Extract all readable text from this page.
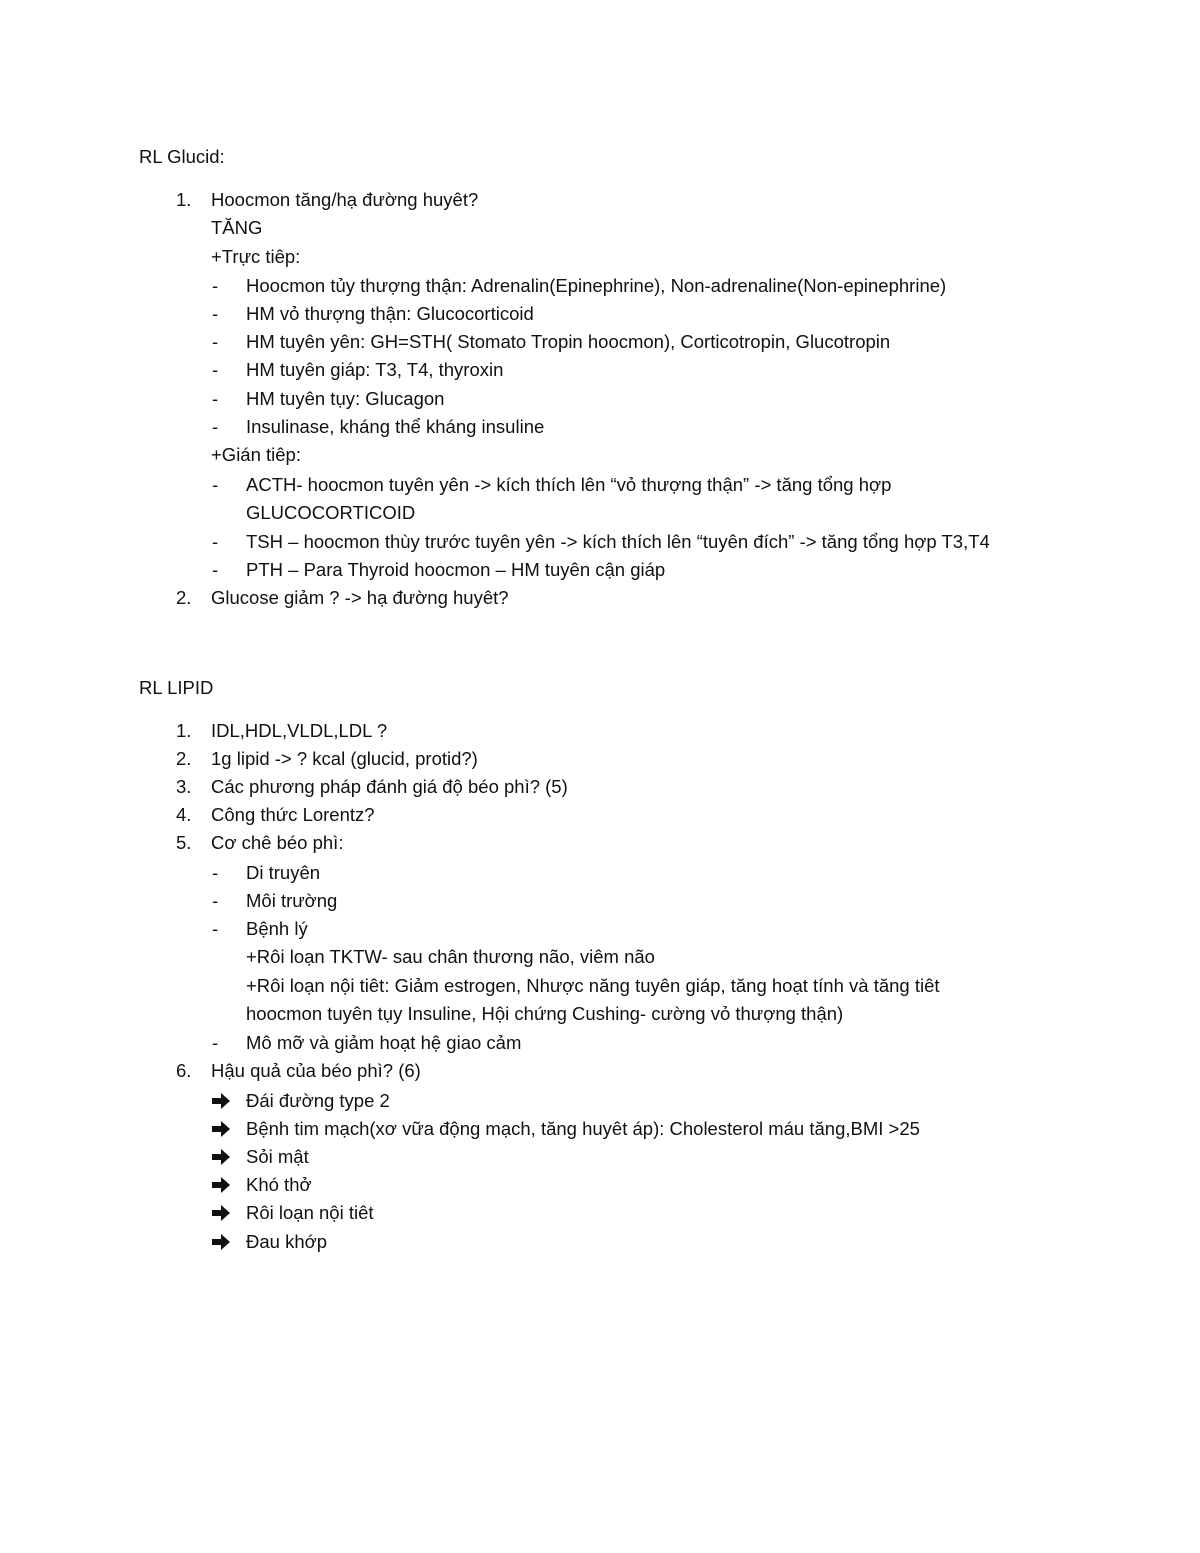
RL Glucid:
1. Hoocmon tăng/hạ đường huyêt?
TĂNG
+Trực tiêp:
- Hoocmon tủy thượng thận: Adrenalin(Epinephrine), Non-adrenaline(Non-epinephrine)
- HM vỏ thượng thận: Glucocorticoid
- HM tuyên yên: GH=STH( Stomato Tropin hoocmon), Corticotropin, Glucotropin
- HM tuyên giáp: T3, T4, thyroxin
- HM tuyên tụy: Glucagon
- Insulinase, kháng thể kháng insuline
+Gián tiêp:
- ACTH- hoocmon tuyên yên -> kích thích lên “vỏ thượng thận” -> tăng tổng hợp
GLUCOCORTICOID
- TSH – hoocmon thùy trước tuyên yên -> kích thích lên “tuyên đích” -> tăng tổng hợp T3,T4
- PTH – Para Thyroid hoocmon – HM tuyên cận giáp
2. Glucose giảm ? -> hạ đường huyêt?
RL LIPID
1. IDL,HDL,VLDL,LDL ?
2. 1g lipid -> ? kcal (glucid, protid?)
3. Các phương pháp đánh giá độ béo phì? (5)
4. Công thức Lorentz?
5. Cơ chê béo phì:
- Di truyên
- Môi trường
- Bệnh lý
+Rôi loạn TKTW- sau chân thương não, viêm não
+Rôi loạn nội tiêt: Giảm estrogen, Nhược năng tuyên giáp, tăng hoạt tính và tăng tiêt
hoocmon tuyên tụy Insuline, Hội chứng Cushing- cường vỏ thượng thận)
- Mô mỡ và giảm hoạt hệ giao cảm
6. Hậu quả của béo phì? (6)
Đái đường type 2
Bệnh tim mạch(xơ vữa động mạch, tăng huyêt áp): Cholesterol máu tăng,BMI >25
Sỏi mật
Khó thở
Rôi loạn nội tiêt
Đau khớp
